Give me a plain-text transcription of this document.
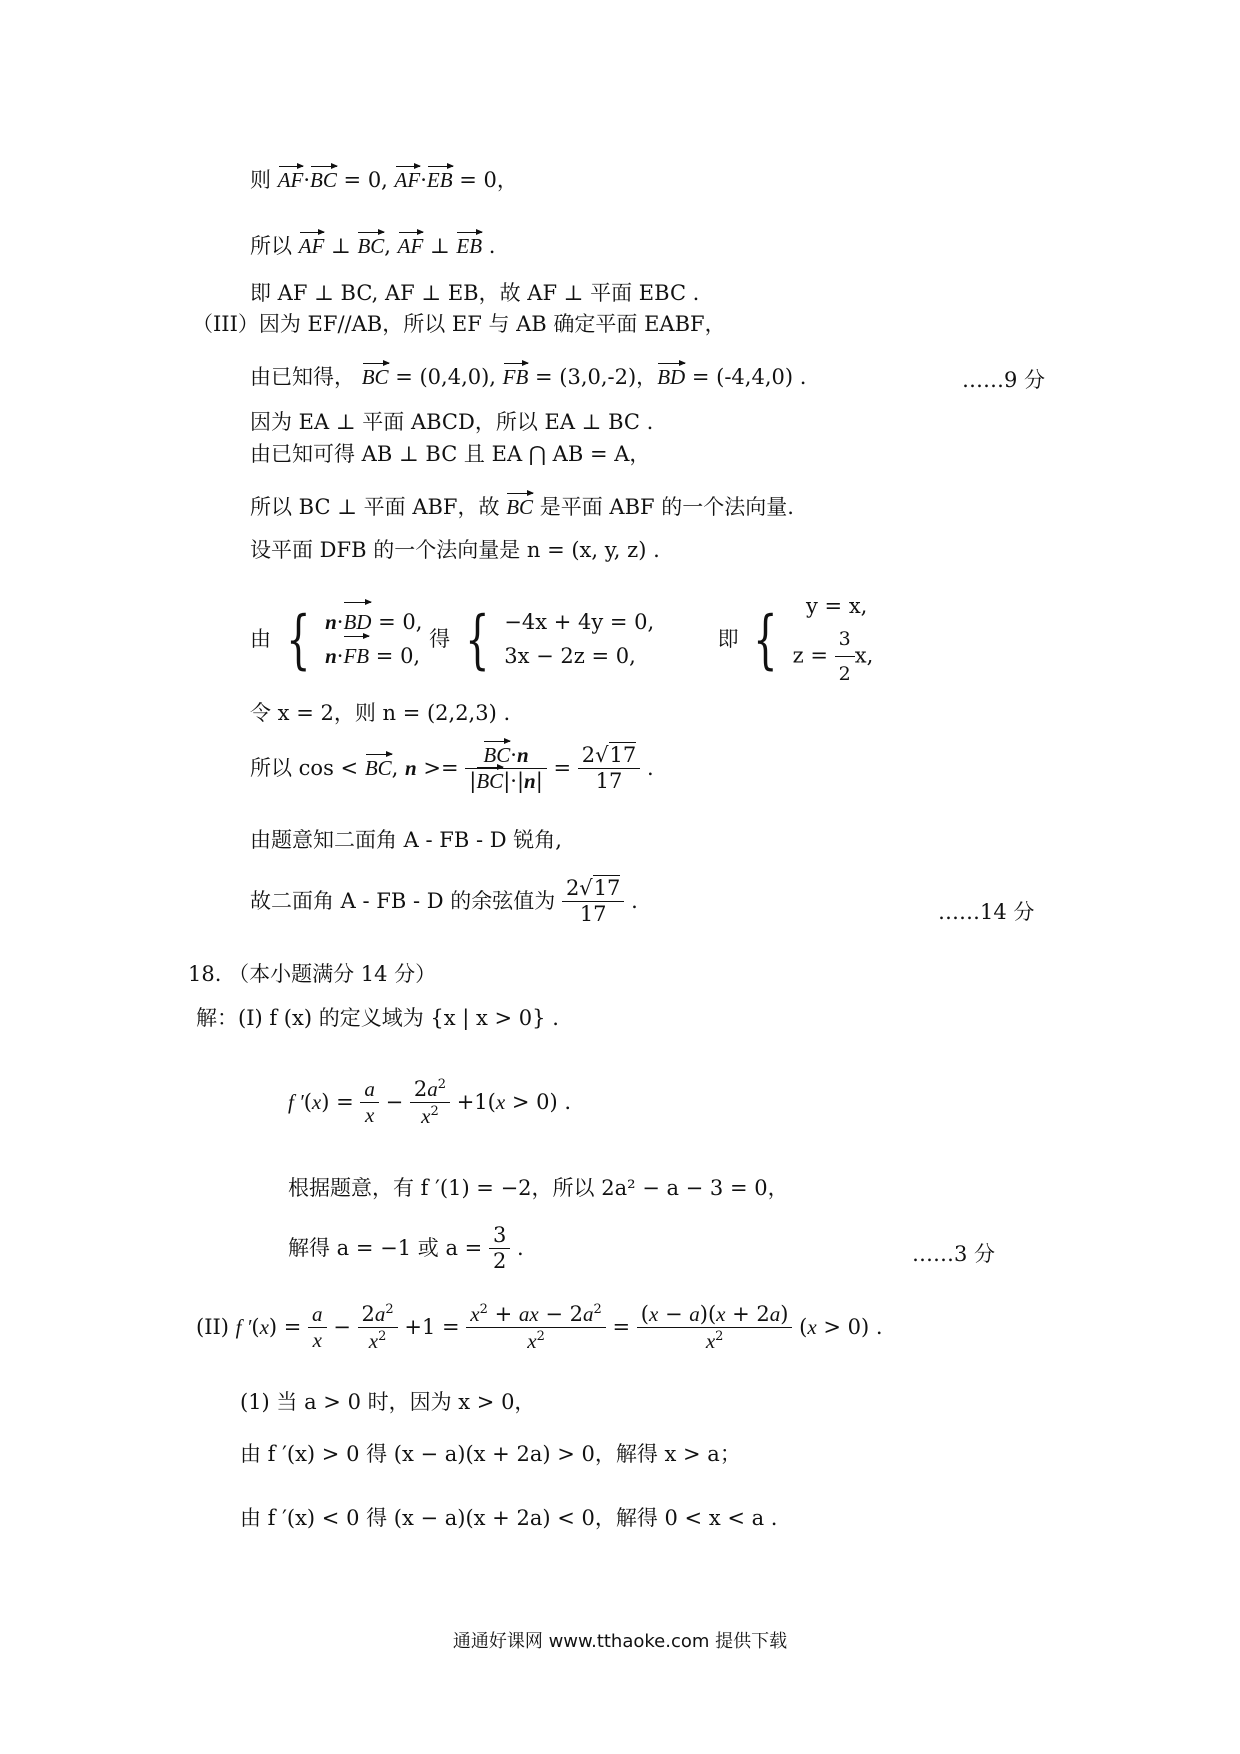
则 AF·BC = 0, AF·EB = 0，
所以 AF ⊥ BC, AF ⊥ EB .
即 AF ⊥ BC, AF ⊥ EB，故 AF ⊥ 平面 EBC .
（III）因为 EF//AB，所以 EF 与 AB 确定平面 EABF，
由已知得， BC = (0,4,0), FB = (3,0,-2)，BD = (-4,4,0) .	……9 分
因为 EA ⊥ 平面 ABCD，所以 EA ⊥ BC .
由已知可得 AB ⊥ BC 且 EA ⋂ AB = A，
所以 BC ⊥ 平面 ABF，故 BC 是平面 ABF 的一个法向量.
设平面 DFB 的一个法向量是 n = (x, y, z) .
由 { n·BD = 0,
n·FB = 0, 得 { −4x + 4y = 0,
3x − 2z = 0,  即 {   y = x,
$z = \frac{3}{2} x$,
令 x = 2，则 n = (2,2,3) .
所以 cos < BC, $n >= \frac{BC\cdot n}{|BC|\cdot|n|} = \frac{2√17}{17}$ .
由题意知二面角 A - FB - D 锐角,
故二面角 A - FB - D 的余弦值为 $\frac{2√17}{17}$ .	……14 分
18. （本小题满分 14 分）
解：(I) f (x) 的定义域为 {x | x > 0} .
f $'(x) = \frac{a}{x} - \frac{2a^2}{x^2} +1(x > 0)$ .
根据题意，有 f ′(1) = −2，所以 2a² − a − 3 = 0，
解得 a = −1 或 $a = \frac{3}{2}$ .	……3 分
(II) f $'(x) = \frac{a}{x} - \frac{2a^2}{x^2} +1 = \frac{x^2 + ax - 2a^2}{x^2} = \frac{(x - a)(x + 2a)}{x^2} (x > 0)$ .
(1) 当 a > 0 时，因为 x > 0，
由 f ′(x) > 0 得 (x − a)(x + 2a) > 0，解得 x > a；
由 f ′(x) < 0 得 (x − a)(x + 2a) < 0，解得 0 < x < a .
通通好课网 www.tthaoke.com 提供下载
